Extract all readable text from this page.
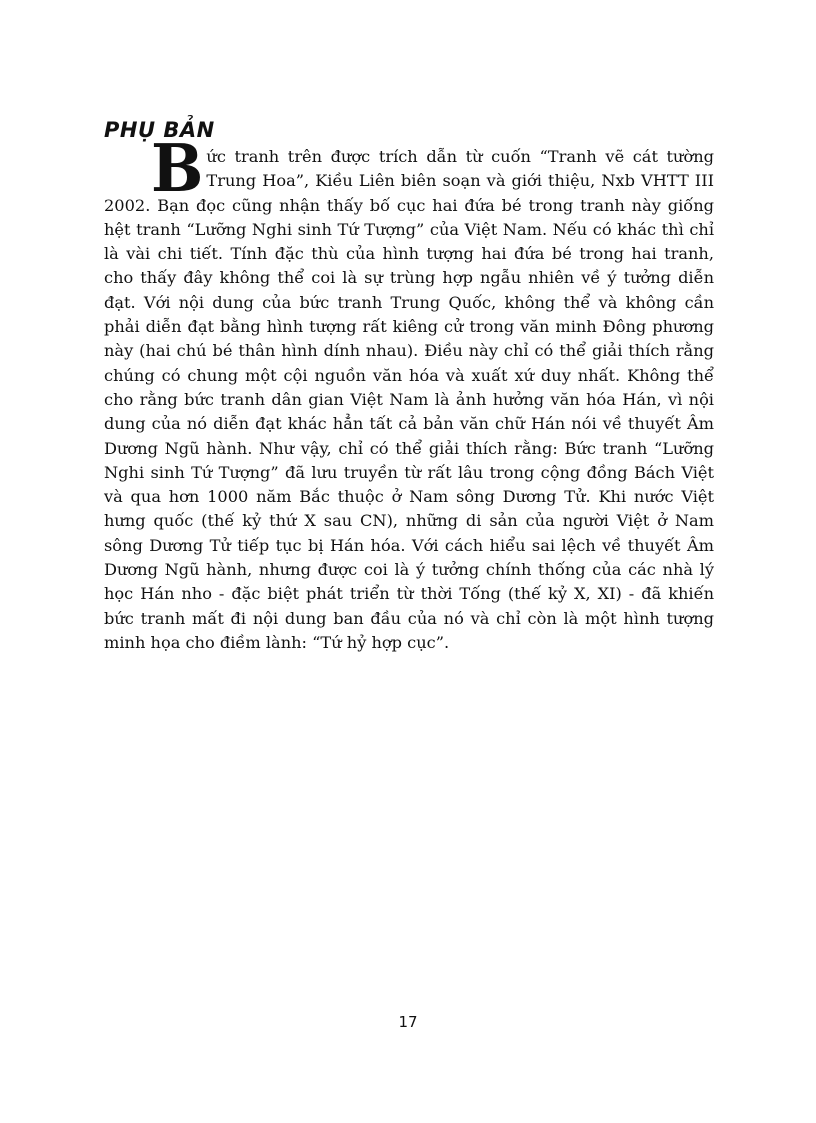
PHỤ BẢN
Bức tranh trên được trích dẫn từ cuốn “Tranh vẽ cát tường Trung Hoa”, Kiều Liên biên soạn và giới thiệu, Nxb VHTT III 2002. Bạn đọc cũng nhận thấy bố cục hai đứa bé trong tranh này giống hệt tranh “Lưỡng Nghi sinh Tứ Tượng” của Việt Nam. Nếu có khác thì chỉ là vài chi tiết. Tính đặc thù của hình tượng hai đứa bé trong hai tranh, cho thấy đây không thể coi là sự trùng hợp ngẫu nhiên về ý tưởng diễn đạt. Với nội dung của bức tranh Trung Quốc, không thể và không cần phải diễn đạt bằng hình tượng rất kiêng cử trong văn minh Đông phương này (hai chú bé thân hình dính nhau). Điều này chỉ có thể giải thích rằng chúng có chung một cội nguồn văn hóa và xuất xứ duy nhất. Không thể cho rằng bức tranh dân gian Việt Nam là ảnh hưởng văn hóa Hán, vì nội dung của nó diễn đạt khác hẳn tất cả bản văn chữ Hán nói về thuyết Âm Dương Ngũ hành. Như vậy, chỉ có thể giải thích rằng: Bức tranh “Lưỡng Nghi sinh Tứ Tượng” đã lưu truyền từ rất lâu trong cộng đồng Bách Việt và qua hơn 1000 năm Bắc thuộc ở Nam sông Dương Tử. Khi nước Việt hưng quốc (thế kỷ thứ X sau CN), những di sản của người Việt ở Nam sông Dương Tử tiếp tục bị Hán hóa. Với cách hiểu sai lệch về thuyết Âm Dương Ngũ hành, nhưng được coi là ý tưởng chính thống của các nhà lý học Hán nho - đặc biệt phát triển từ thời Tống (thế kỷ X, XI) - đã khiến bức tranh mất đi nội dung ban đầu của nó và chỉ còn là một hình tượng minh họa cho điềm lành: “Tứ hỷ hợp cục”.
17
